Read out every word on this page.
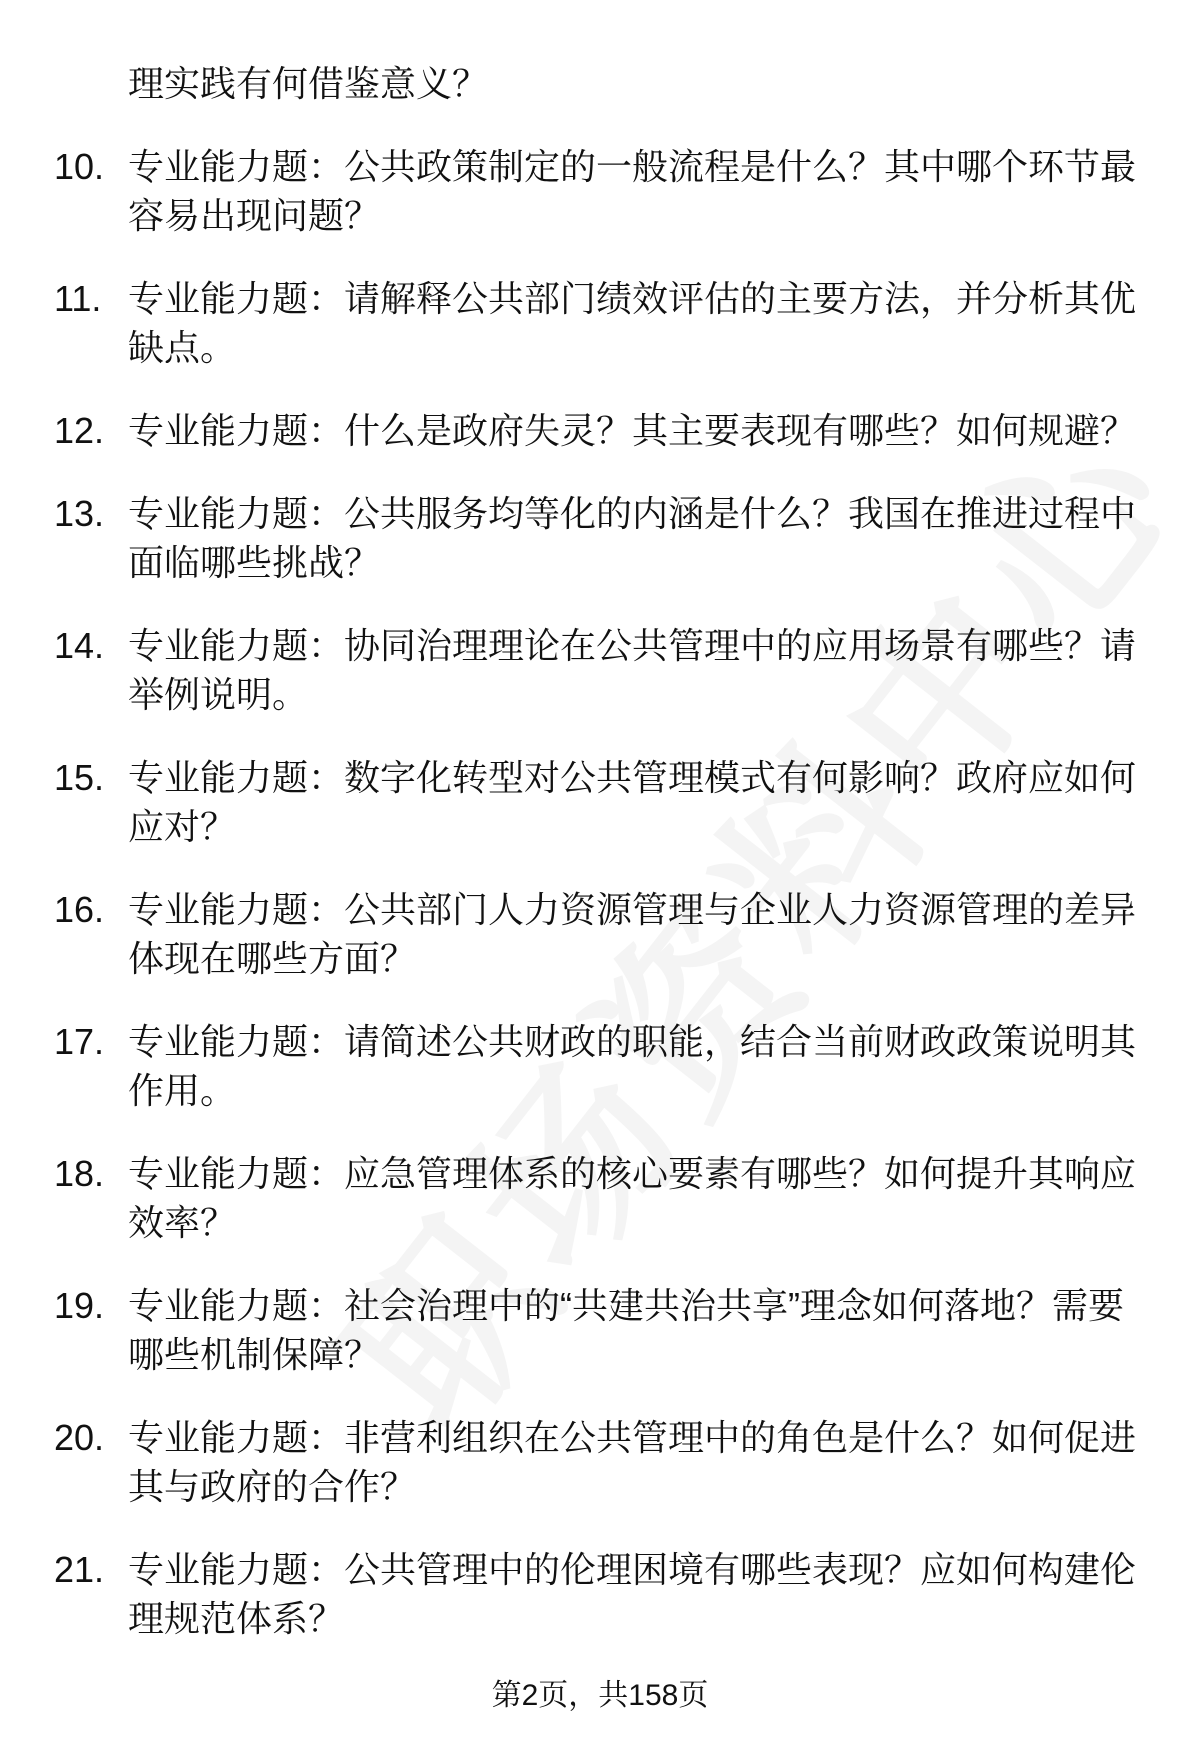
理实践有何借鉴意义？
10. 专业能力题：公共政策制定的一般流程是什么？其中哪个环节最容易出现问题？
11. 专业能力题：请解释公共部门绩效评估的主要方法，并分析其优缺点。
12. 专业能力题：什么是政府失灵？其主要表现有哪些？如何规避？
13. 专业能力题：公共服务均等化的内涵是什么？我国在推进过程中面临哪些挑战？
14. 专业能力题：协同治理理论在公共管理中的应用场景有哪些？请举例说明。
15. 专业能力题：数字化转型对公共管理模式有何影响？政府应如何应对？
16. 专业能力题：公共部门人力资源管理与企业人力资源管理的差异体现在哪些方面？
17. 专业能力题：请简述公共财政的职能，结合当前财政政策说明其作用。
18. 专业能力题：应急管理体系的核心要素有哪些？如何提升其响应效率？
19. 专业能力题：社会治理中的“共建共治共享”理念如何落地？需要哪些机制保障？
20. 专业能力题：非营利组织在公共管理中的角色是什么？如何促进其与政府的合作？
21. 专业能力题：公共管理中的伦理困境有哪些表现？应如何构建伦理规范体系？
第2页，共158页
